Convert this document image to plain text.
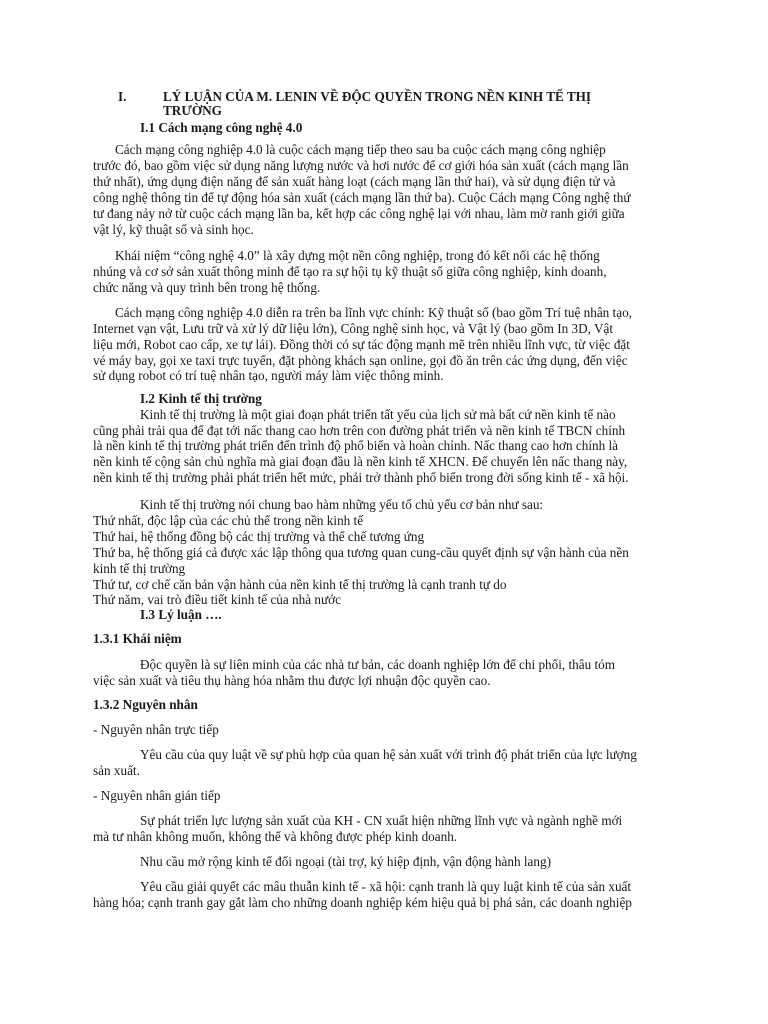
I.	LÝ LUẬN CỦA M. LENIN VỀ ĐỘC QUYỀN TRONG NỀN KINH TẾ THỊ
TRƯỜNG
I.1 Cách mạng công nghệ 4.0
Cách mạng công nghiệp 4.0 là cuộc cách mạng tiếp theo sau ba cuộc cách mạng công nghiệp
trước đó, bao gồm việc sử dụng năng lượng nước và hơi nước để cơ giới hóa sản xuất (cách mạng lần
thứ nhất), ứng dụng điện năng để sản xuất hàng loạt (cách mạng lần thứ hai), và sử dụng điện tử và
công nghệ thông tin để tự động hóa sản xuất (cách mạng lần thứ ba). Cuộc Cách mạng Công nghệ thứ
tư đang nảy nở từ cuộc cách mạng lần ba, kết hợp các công nghệ lại với nhau, làm mờ ranh giới giữa
vật lý, kỹ thuật số và sinh học.
Khái niệm “công nghệ 4.0” là xây dựng một nền công nghiệp, trong đó kết nối các hệ thống
nhúng và cơ sở sản xuất thông minh để tạo ra sự hội tụ kỹ thuật số giữa công nghiệp, kinh doanh,
chức năng và quy trình bên trong hệ thống.
Cách mạng công nghiệp 4.0 diễn ra trên ba lĩnh vực chính: Kỹ thuật số (bao gồm Trí tuệ nhân tạo,
Internet vạn vật, Lưu trữ và xử lý dữ liệu lớn), Công nghệ sinh học, và Vật lý (bao gồm In 3D, Vật
liệu mới, Robot cao cấp, xe tự lái). Đồng thời có sự tác động mạnh mẽ trên nhiều lĩnh vực, từ việc đặt
vé máy bay, gọi xe taxi trực tuyến, đặt phòng khách sạn online, gọi đồ ăn trên các ứng dụng, đến việc
sử dụng robot có trí tuệ nhân tạo, người máy làm việc thông minh.
I.2 Kinh tế thị trường
Kinh tế thị trường là một giai đoạn phát triển tất yếu của lịch sử mà bất cứ nền kinh tế nào
cũng phải trải qua để đạt tới nấc thang cao hơn trên con đường phát triển và nền kinh tế TBCN chính
là nền kinh tế thị trường phát triển đến trình độ phổ biến và hoàn chỉnh. Nấc thang cao hơn chính là
nền kinh tế cộng sản chủ nghĩa mà giai đoạn đầu là nền kinh tế XHCN. Để chuyển lên nấc thang này,
nền kinh tế thị trường phải phát triển hết mức, phải trở thành phổ biến trong đời sống kinh tế - xã hội.
Kinh tế thị trường nói chung bao hàm những yếu tố chủ yếu cơ bản như sau:
Thứ nhất, độc lập của các chủ thể trong nền kinh tế
Thứ hai, hệ thống đồng bộ các thị trường và thể chế tương ứng
Thứ ba, hệ thống giá cả được xác lập thông qua tương quan cung-cầu quyết định sự vận hành của nền
kinh tế thị trường
Thứ tư, cơ chế căn bản vận hành của nền kinh tế thị trường là cạnh tranh tự do
Thứ năm, vai trò điều tiết kinh tế của nhà nước
I.3 Lý luận ….
1.3.1 Khái niệm
Độc quyền là sự liên minh của các nhà tư bản, các doanh nghiệp lớn để chi phối, thâu tóm
việc sản xuất và tiêu thụ hàng hóa nhằm thu được lợi nhuận độc quyền cao.
1.3.2 Nguyên nhân
- Nguyên nhân trực tiếp
Yêu cầu của quy luật về sự phù hợp của quan hệ sản xuất với trình độ phát triển của lực lượng
sản xuất.
- Nguyên nhân gián tiếp
Sự phát triển lực lượng sản xuất của KH - CN xuất hiện những lĩnh vực và ngành nghề mới
mà tư nhân không muốn, không thể và không được phép kinh doanh.
Nhu cầu mở rộng kinh tế đối ngoại (tài trợ, ký hiệp định, vận động hành lang)
Yêu cầu giải quyết các mâu thuẫn kinh tế - xã hội: cạnh tranh là quy luật kinh tế của sản xuất
hàng hóa; cạnh tranh gay gắt làm cho những doanh nghiệp kém hiệu quả bị phá sản, các doanh nghiệp
